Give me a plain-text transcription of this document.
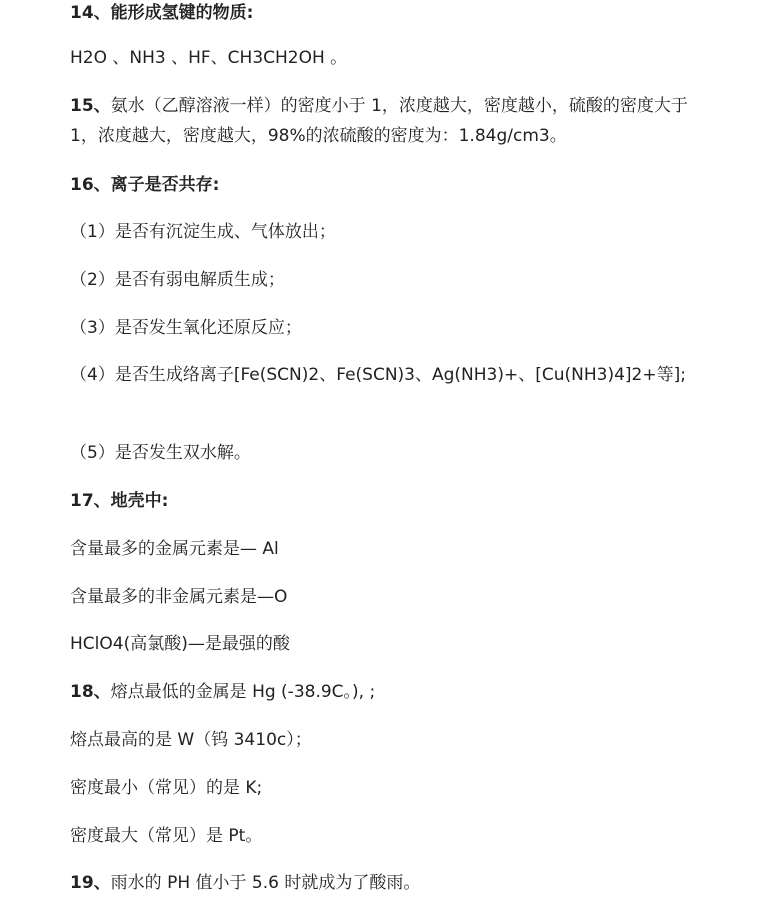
14、能形成氢键的物质:

H2O 、NH3 、HF、CH3CH2OH 。

15、氨水（乙醇溶液一样）的密度小于 1，浓度越大，密度越小，硫酸的密度大于 1，浓度越大，密度越大，98%的浓硫酸的密度为：1.84g/cm3。

16、离子是否共存:

（1）是否有沉淀生成、气体放出；

（2）是否有弱电解质生成；

（3）是否发生氧化还原反应；

（4）是否生成络离子[Fe(SCN)2、Fe(SCN)3、Ag(NH3)+、[Cu(NH3)4]2+等];

（5）是否发生双水解。

17、地壳中:

含量最多的金属元素是— Al

含量最多的非金属元素是—O

HClO4(高氯酸)—是最强的酸

18、熔点最低的金属是 Hg (-38.9C。), ;

熔点最高的是 W（钨 3410c）；

密度最小（常见）的是 K;

密度最大（常见）是 Pt。

19、雨水的 PH 值小于 5.6 时就成为了酸雨。
